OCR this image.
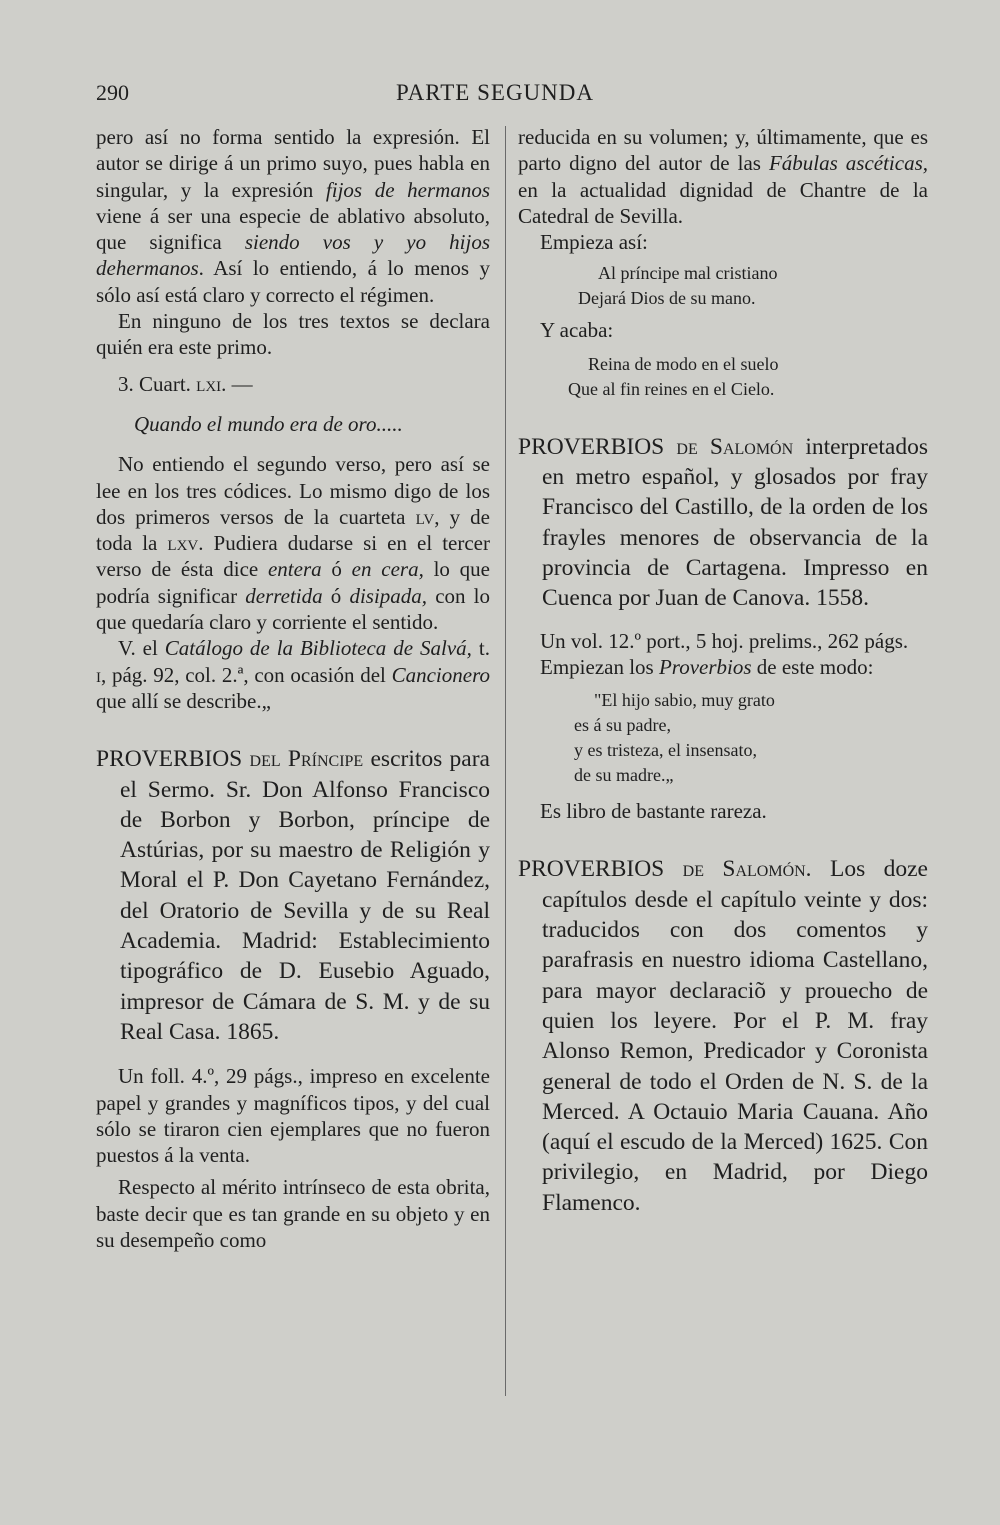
290	PARTE SEGUNDA

pero así no forma sentido la expresión. El autor se dirige á un primo suyo, pues habla en singular, y la expresión fijos de hermanos viene á ser una especie de ablativo absoluto, que significa siendo vos y yo hijos dehermanos. Así lo entiendo, á lo menos y sólo así está claro y correcto el régimen.

En ninguno de los tres textos se declara quién era este primo.

3. Cuart. lxi. —

Quando el mundo era de oro.....

No entiendo el segundo verso, pero así se lee en los tres códices. Lo mismo digo de los dos primeros versos de la cuarteta lv, y de toda la lxv. Pudiera dudarse si en el tercer verso de ésta dice entera ó en cera, lo que podría significar derretida ó disipada, con lo que quedaría claro y corriente el sentido.

V. el Catálogo de la Biblioteca de Salvá, t. i, pág. 92, col. 2.ª, con ocasión del Cancionero que allí se describe.„

PROVERBIOS del Príncipe escritos para el Sermo. Sr. Don Alfonso Francisco de Borbon y Borbon, príncipe de Astúrias, por su maestro de Religión y Moral el P. Don Cayetano Fernández, del Oratorio de Sevilla y de su Real Academia. Madrid: Establecimiento tipográfico de D. Eusebio Aguado, impresor de Cámara de S. M. y de su Real Casa. 1865.

Un foll. 4.º, 29 págs., impreso en excelente papel y grandes y magníficos tipos, y del cual sólo se tiraron cien ejemplares que no fueron puestos á la venta.

Respecto al mérito intrínseco de esta obrita, baste decir que es tan grande en su objeto y en su desempeño como

reducida en su volumen; y, últimamente, que es parto digno del autor de las Fábulas ascéticas, en la actualidad dignidad de Chantre de la Catedral de Sevilla.

Empieza así:

Al príncipe mal cristiano

Dejará Dios de su mano.

Y acaba:

Reina de modo en el suelo

Que al fin reines en el Cielo.

PROVERBIOS de Salomón interpretados en metro español, y glosados por fray Francisco del Castillo, de la orden de los frayles menores de observancia de la provincia de Cartagena. Impresso en Cuenca por Juan de Canova. 1558.

Un vol. 12.º port., 5 hoj. prelims., 262 págs.

Empiezan los Proverbios de este modo:

"El hijo sabio, muy grato

es á su padre,

y es tristeza, el insensato,

de su madre.„

Es libro de bastante rareza.

PROVERBIOS de Salomón. Los doze capítulos desde el capítulo veinte y dos: traducidos con dos comentos y parafrasis en nuestro idioma Castellano, para mayor declaraciõ y prouecho de quien los leyere. Por el P. M. fray Alonso Remon, Predicador y Coronista general de todo el Orden de N. S. de la Merced. A Octauio Maria Cauana. Año (aquí el escudo de la Merced) 1625. Con privilegio, en Madrid, por Diego Flamenco.
